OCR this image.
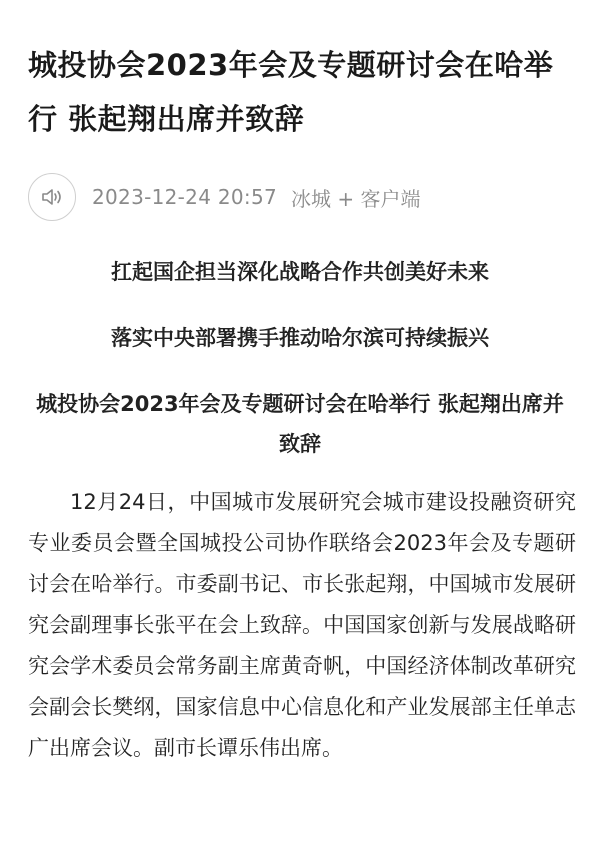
城投协会2023年会及专题研讨会在哈举行 张起翔出席并致辞
2023-12-24 20:57 冰城 + 客户端

扛起国企担当深化战略合作共创美好未来

落实中央部署携手推动哈尔滨可持续振兴

城投协会2023年会及专题研讨会在哈举行 张起翔出席并致辞

12月24日，中国城市发展研究会城市建设投融资研究专业委员会暨全国城投公司协作联络会2023年会及专题研讨会在哈举行。市委副书记、市长张起翔，中国城市发展研究会副理事长张平在会上致辞。中国国家创新与发展战略研究会学术委员会常务副主席黄奇帆，中国经济体制改革研究会副会长樊纲，国家信息中心信息化和产业发展部主任单志广出席会议。副市长谭乐伟出席。
